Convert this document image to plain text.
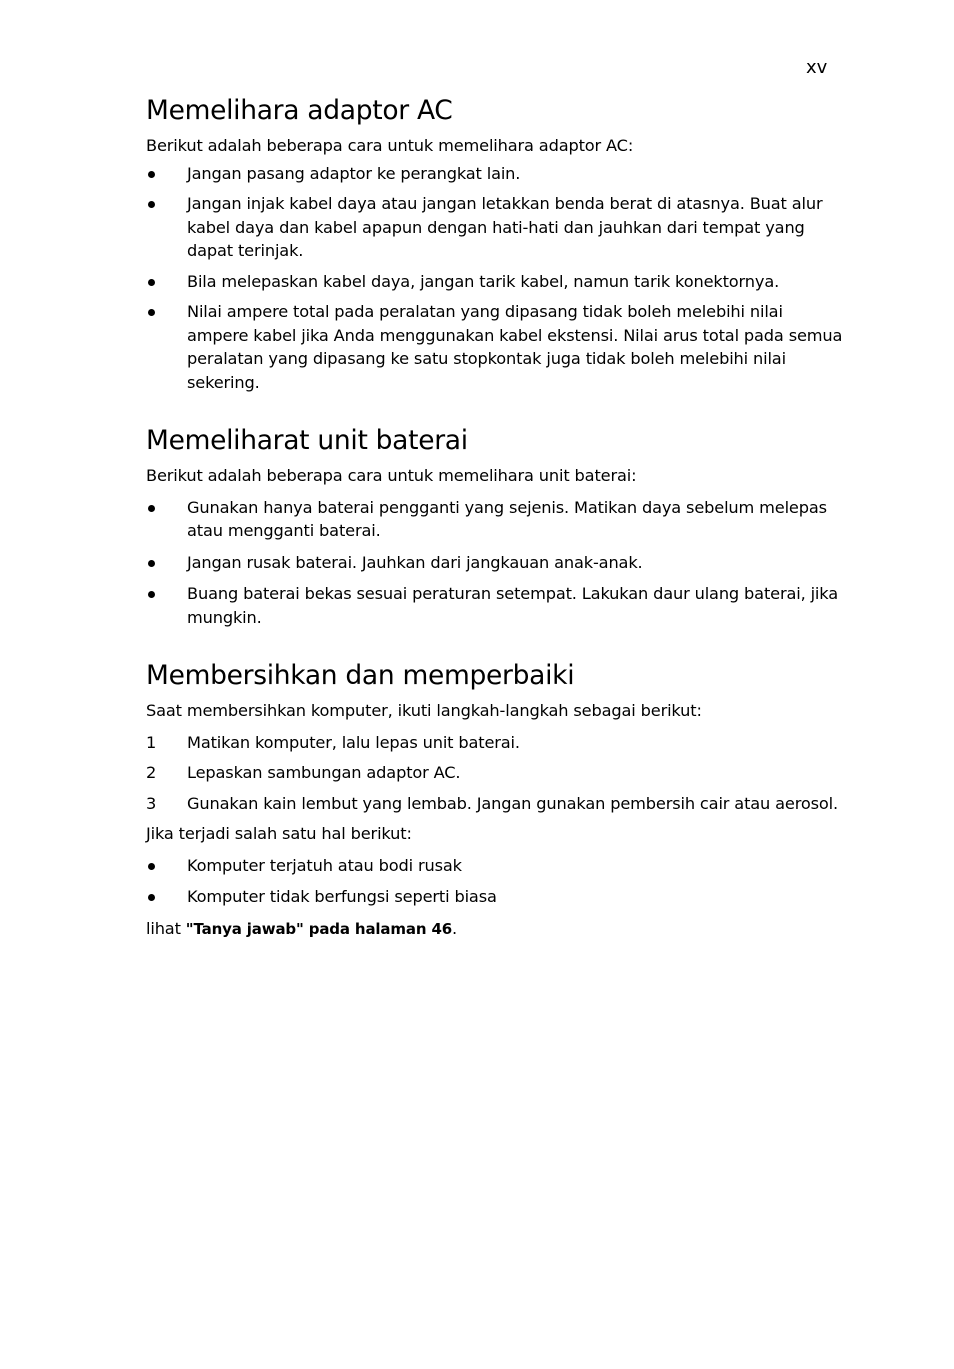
xv
Memelihara adaptor AC

Berikut adalah beberapa cara untuk memelihara adaptor AC:

Jangan pasang adaptor ke perangkat lain.
Jangan injak kabel daya atau jangan letakkan benda berat di atasnya. Buat alur kabel daya dan kabel apapun dengan hati-hati dan jauhkan dari tempat yang dapat terinjak.
Bila melepaskan kabel daya, jangan tarik kabel, namun tarik konektornya.
Nilai ampere total pada peralatan yang dipasang tidak boleh melebihi nilai ampere kabel jika Anda menggunakan kabel ekstensi. Nilai arus total pada semua peralatan yang dipasang ke satu stopkontak juga tidak boleh melebihi nilai sekering.
Memeliharat unit baterai

Berikut adalah beberapa cara untuk memelihara unit baterai:

Gunakan hanya baterai pengganti yang sejenis. Matikan daya sebelum melepas atau mengganti baterai.
Jangan rusak baterai. Jauhkan dari jangkauan anak-anak.
Buang baterai bekas sesuai peraturan setempat. Lakukan daur ulang baterai, jika mungkin.
Membersihkan dan memperbaiki

Saat membersihkan komputer, ikuti langkah-langkah sebagai berikut:

1	Matikan komputer, lalu lepas unit baterai.
2	Lepaskan sambungan adaptor AC.
3	Gunakan kain lembut yang lembab. Jangan gunakan pembersih cair atau aerosol.

Jika terjadi salah satu hal berikut:

Komputer terjatuh atau bodi rusak
Komputer tidak berfungsi seperti biasa

lihat "Tanya jawab" pada halaman 46.
